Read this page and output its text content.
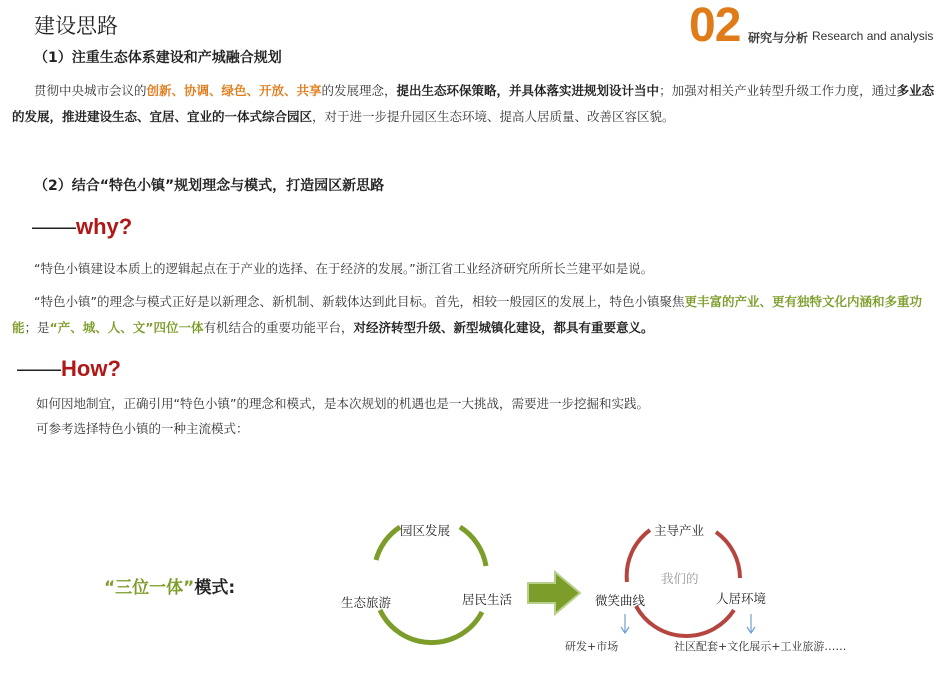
建设思路	02 研究与分析 Research and analysis
（1）注重生态体系建设和产城融合规划
贯彻中央城市会议的创新、协调、绿色、开放、共享的发展理念，提出生态环保策略，并具体落实进规划设计当中；加强对相关产业转型升级工作力度，通过多业态的发展，推进建设生态、宜居、宜业的一体式综合园区，对于进一步提升园区生态环境、提高人居质量、改善区容区貌。
（2）结合“特色小镇”规划理念与模式，打造园区新思路
——why?
“特色小镇建设本质上的逻辑起点在于产业的选择、在于经济的发展。”浙江省工业经济研究所所长兰建平如是说。
“特色小镇”的理念与模式正好是以新理念、新机制、新载体达到此目标。首先，相较一般园区的发展上，特色小镇聚焦更丰富的产业、更有独特文化内涵和多重功能；是“产、城、人、文”四位一体有机结合的重要功能平台，对经济转型升级、新型城镇化建设，都具有重要意义。
——How?
如何因地制宜，正确引用“特色小镇”的理念和模式，是本次规划的机遇也是一大挑战，需要进一步挖掘和实践。
可参考选择特色小镇的一种主流模式：
“三位一体”模式:
园区发展
生态旅游	居民生活
主导产业
我们的
微笑曲线	人居环境
研发+市场	社区配套+文化展示+工业旅游……
